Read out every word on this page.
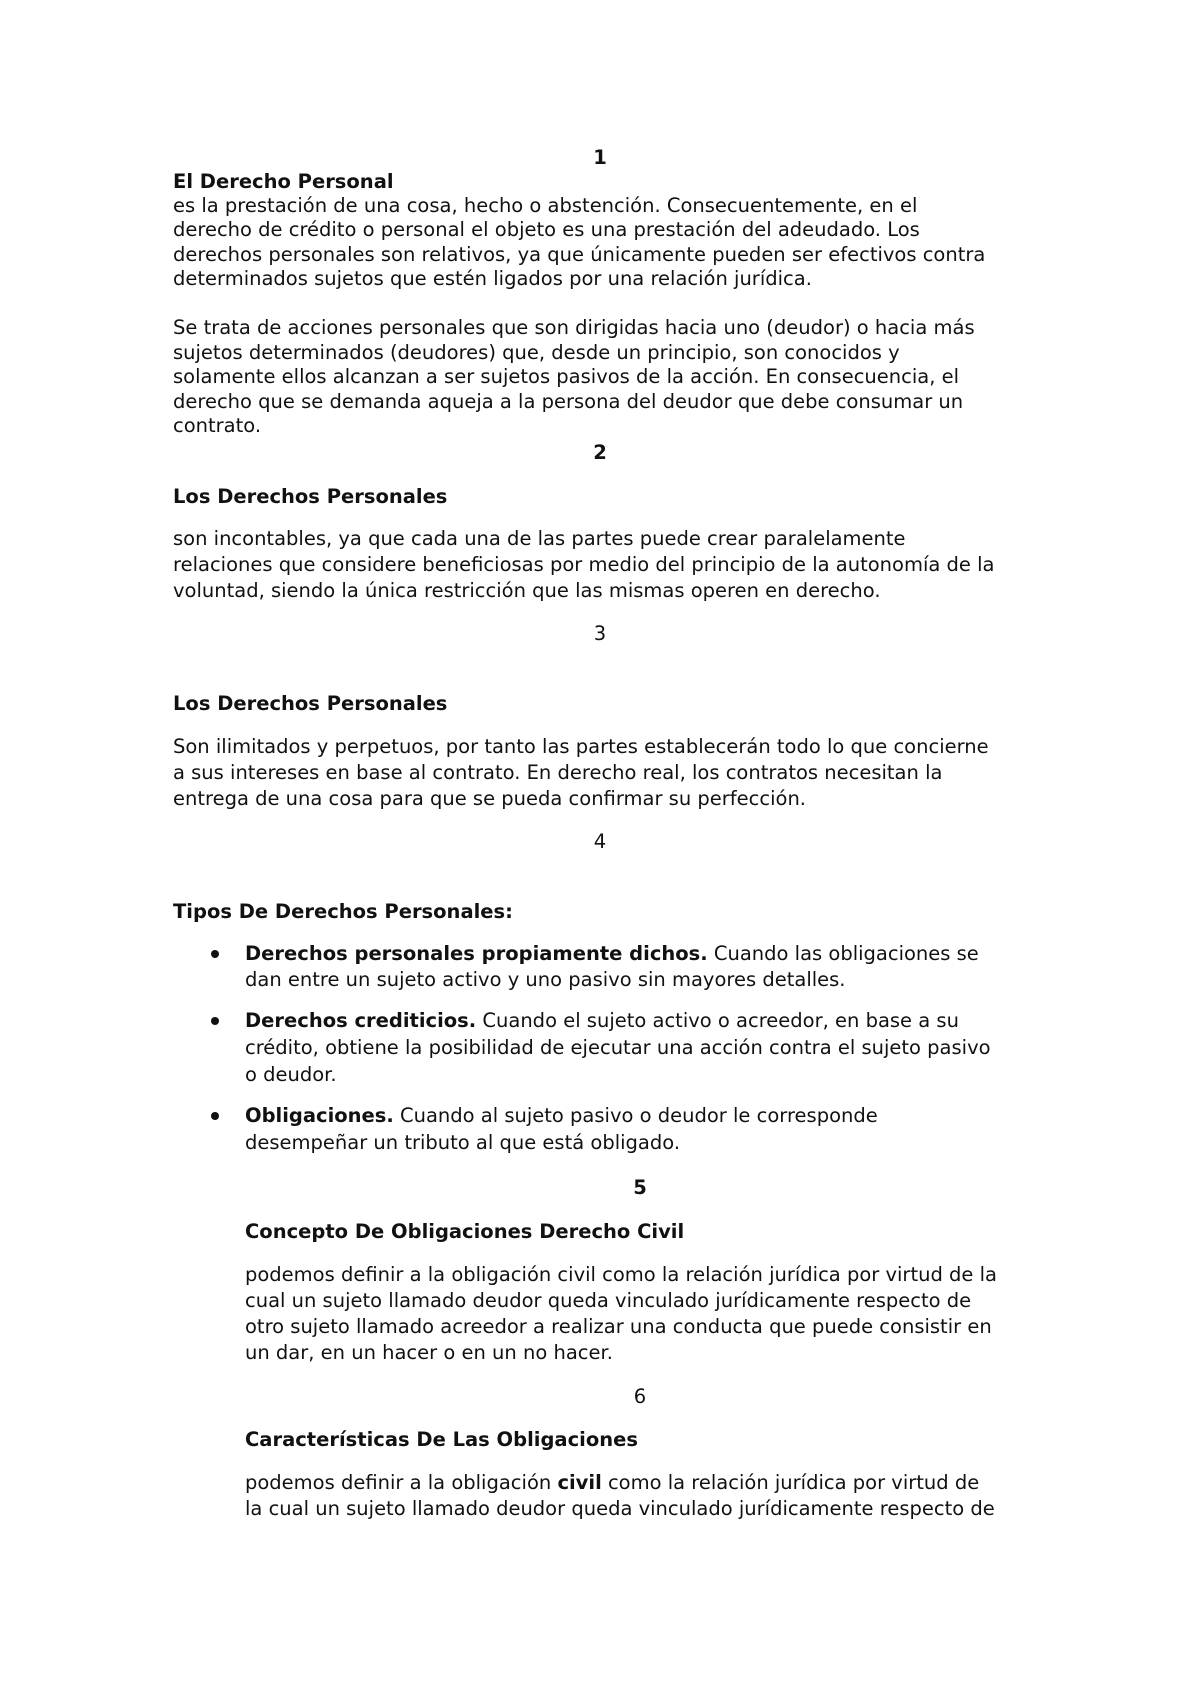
1
El Derecho Personal
es la prestación de una cosa, hecho o abstención. Consecuentemente, en el
derecho de crédito o personal el objeto es una prestación del adeudado. Los
derechos personales son relativos, ya que únicamente pueden ser efectivos contra
determinados sujetos que estén ligados por una relación jurídica.
Se trata de acciones personales que son dirigidas hacia uno (deudor) o hacia más
sujetos determinados (deudores) que, desde un principio, son conocidos y
solamente ellos alcanzan a ser sujetos pasivos de la acción. En consecuencia, el
derecho que se demanda aqueja a la persona del deudor que debe consumar un
contrato.
2
Los Derechos Personales
son incontables, ya que cada una de las partes puede crear paralelamente
relaciones que considere beneficiosas por medio del principio de la autonomía de la
voluntad, siendo la única restricción que las mismas operen en derecho.
3
Los Derechos Personales
Son ilimitados y perpetuos, por tanto las partes establecerán todo lo que concierne
a sus intereses en base al contrato. En derecho real, los contratos necesitan la
entrega de una cosa para que se pueda confirmar su perfección.
4
Tipos De Derechos Personales:
Derechos personales propiamente dichos. Cuando las obligaciones se
dan entre un sujeto activo y uno pasivo sin mayores detalles.
Derechos crediticios. Cuando el sujeto activo o acreedor, en base a su
crédito, obtiene la posibilidad de ejecutar una acción contra el sujeto pasivo
o deudor.
Obligaciones. Cuando al sujeto pasivo o deudor le corresponde
desempeñar un tributo al que está obligado.
5
Concepto De Obligaciones Derecho Civil
podemos definir a la obligación civil como la relación jurídica por virtud de la
cual un sujeto llamado deudor queda vinculado jurídicamente respecto de
otro sujeto llamado acreedor a realizar una conducta que puede consistir en
un dar, en un hacer o en un no hacer.
6
Características De Las Obligaciones
podemos definir a la obligación civil como la relación jurídica por virtud de
la cual un sujeto llamado deudor queda vinculado jurídicamente respecto de
